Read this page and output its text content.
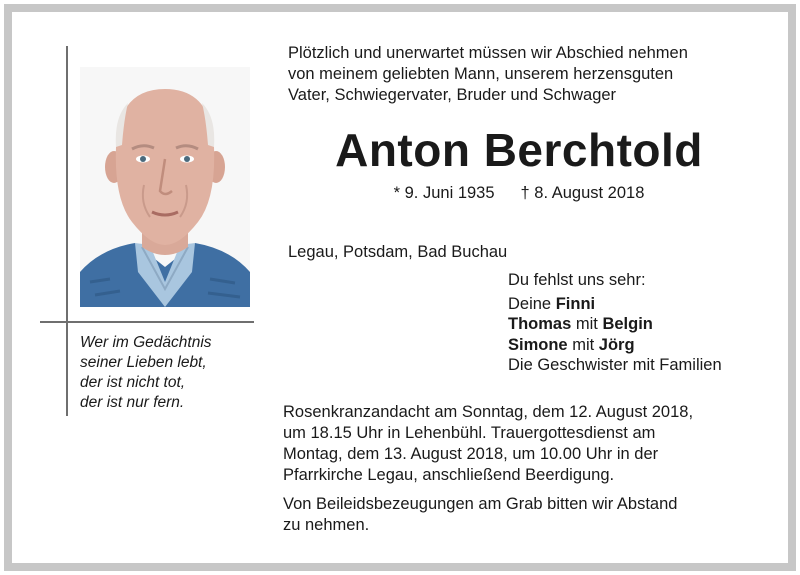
Wer im Gedächtnis
seiner Lieben lebt,
der ist nicht tot,
der ist nur fern.
Plötzlich und unerwartet müssen wir Abschied nehmen
von meinem geliebten Mann, unserem herzensguten
Vater, Schwiegervater, Bruder und Schwager
Anton Berchtold
* 9. Juni 1935 † 8. August 2018
Legau, Potsdam, Bad Buchau
Du fehlst uns sehr:
Deine Finni
Thomas mit Belgin
Simone mit Jörg
Die Geschwister mit Familien
Rosenkranzandacht am Sonntag, dem 12. August 2018,
um 18.15 Uhr in Lehenbühl. Trauergottesdienst am
Montag, dem 13. August 2018, um 10.00 Uhr in der
Pfarrkirche Legau, anschließend Beerdigung.
Von Beileidsbezeugungen am Grab bitten wir Abstand
zu nehmen.
